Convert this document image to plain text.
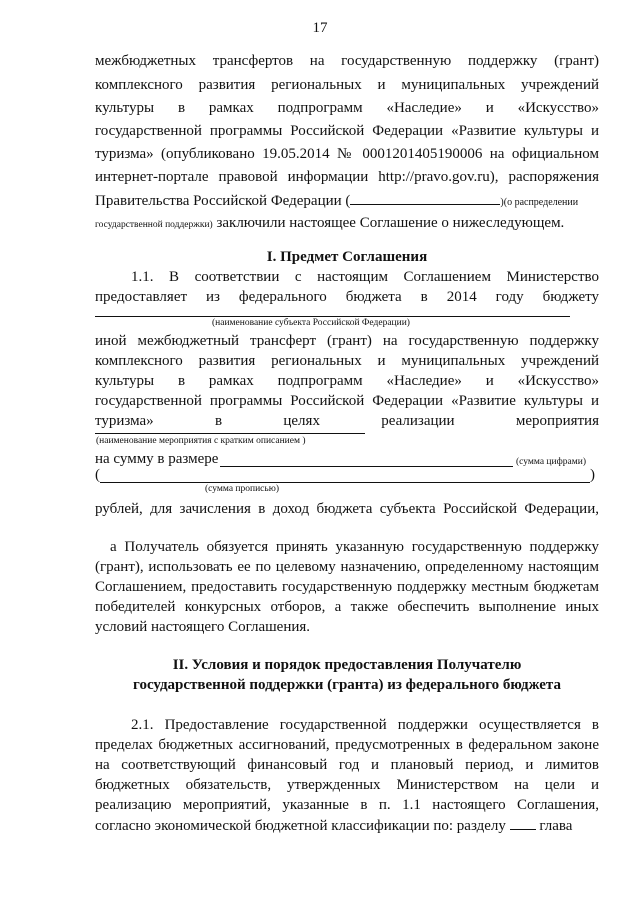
17
межбюджетных трансфертов на государственную поддержку (грант)
комплексного развития региональных и муниципальных учреждений
культуры в рамках подпрограмм «Наследие» и «Искусство»
государственной программы Российской Федерации «Развитие культуры и
туризма» (опубликовано 19.05.2014 № 0001201405190006 на официальном
интернет-портале правовой информации http://pravo.gov.ru), распоряжения
Правительства Российской Федерации (	)(о распределении
государственной поддержки) заключили настоящее Соглашение о нижеследующем.
I. Предмет Соглашения
1.1. В соответствии с настоящим Соглашением Министерство
предоставляет из федерального бюджета в 2014 году бюджету
(наименование субъекта Российской Федерации)
иной межбюджетный трансферт (грант) на государственную поддержку
комплексного развития региональных и муниципальных учреждений
культуры в рамках подпрограмм «Наследие» и «Искусство»
государственной программы Российской Федерации «Развитие культуры и
туризма» в целях реализации мероприятия
(наименование мероприятия с кратким описанием )
на сумму в размере	(сумма цифрами)
(	)
(сумма прописью)
рублей, для зачисления в доход бюджета субъекта Российской Федерации,
а Получатель обязуется принять указанную государственную поддержку
(грант), использовать ее по целевому назначению, определенному настоящим
Соглашением, предоставить государственную поддержку местным бюджетам
победителей конкурсных отборов, а также обеспечить выполнение иных
условий настоящего Соглашения.
II. Условия и порядок предоставления Получателю
государственной поддержки (гранта) из федерального бюджета
2.1. Предоставление государственной поддержки осуществляется в
пределах бюджетных ассигнований, предусмотренных в федеральном законе
на соответствующий финансовый год и плановый период, и лимитов
бюджетных обязательств, утвержденных Министерством на цели и
реализацию мероприятий, указанные в п. 1.1 настоящего Соглашения,
согласно экономической бюджетной классификации по: разделу глава
